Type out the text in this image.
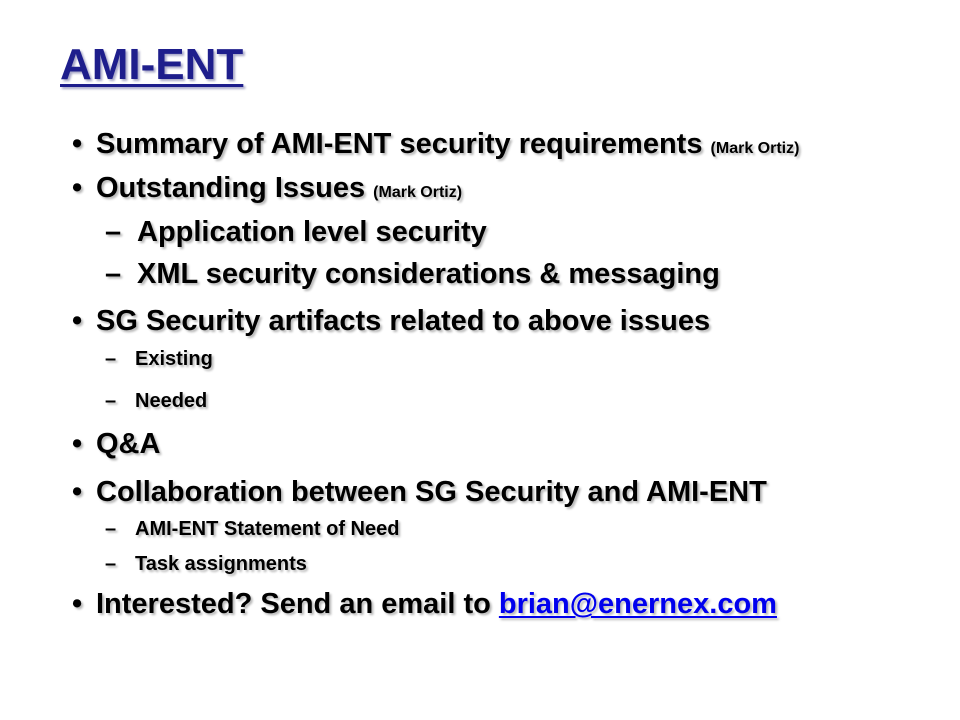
AMI-ENT
• Summary of AMI-ENT security requirements (Mark Ortiz)
• Outstanding Issues (Mark Ortiz)
– Application level security
– XML security considerations & messaging
• SG Security artifacts related to above issues
– Existing
– Needed
• Q&A
• Collaboration between SG Security and AMI-ENT
– AMI-ENT Statement of Need
– Task assignments
• Interested? Send an email to brian@enernex.com
